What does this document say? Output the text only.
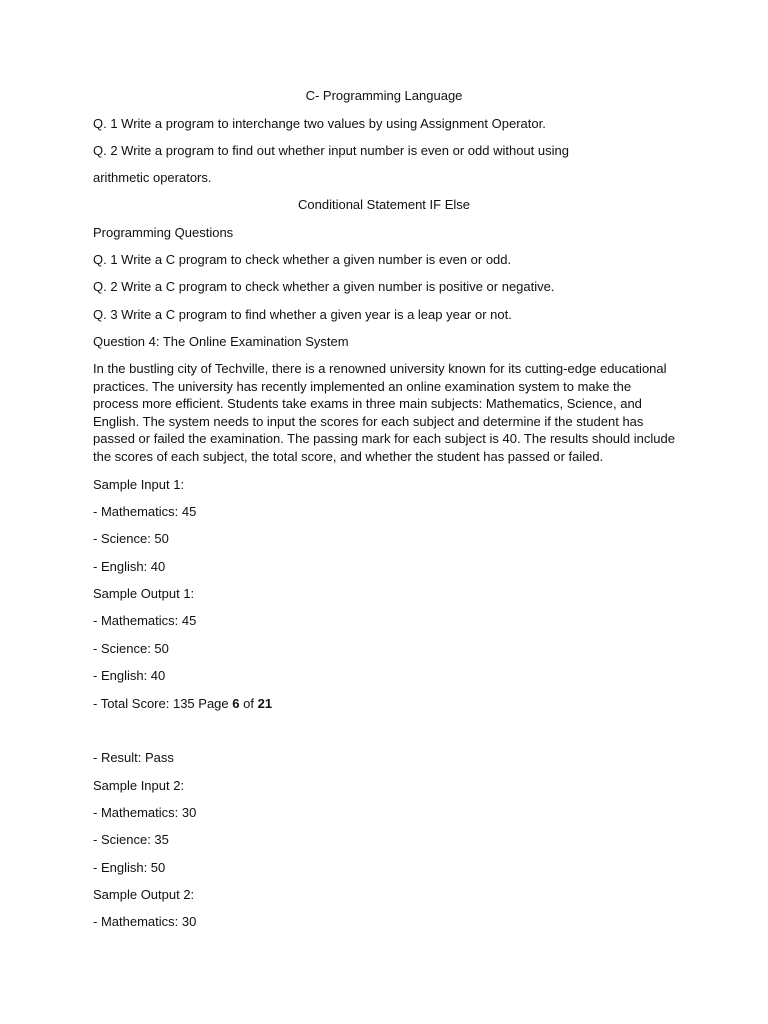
C- Programming Language
Q. 1 Write a program to interchange two values by using Assignment Operator.
Q. 2 Write a program to find out whether input number is even or odd without using
arithmetic operators.
Conditional Statement IF Else
Programming Questions
Q. 1 Write a C program to check whether a given number is even or odd.
Q. 2 Write a C program to check whether a given number is positive or negative.
Q. 3 Write a C program to find whether a given year is a leap year or not.
Question 4: The Online Examination System

In the bustling city of Techville, there is a renowned university known for its cutting-edge educational practices. The university has recently implemented an online examination system to make the process more efficient. Students take exams in three main subjects: Mathematics, Science, and English. The system needs to input the scores for each subject and determine if the student has passed or failed the examination. The passing mark for each subject is 40. The results should include the scores of each subject, the total score, and whether the student has passed or failed.

Sample Input 1:
- Mathematics: 45
- Science: 50
- English: 40
Sample Output 1:
- Mathematics: 45
- Science: 50
- English: 40
- Total Score: 135 Page 6 of 21
- Result: Pass
Sample Input 2:
- Mathematics: 30
- Science: 35
- English: 50
Sample Output 2:
- Mathematics: 30
